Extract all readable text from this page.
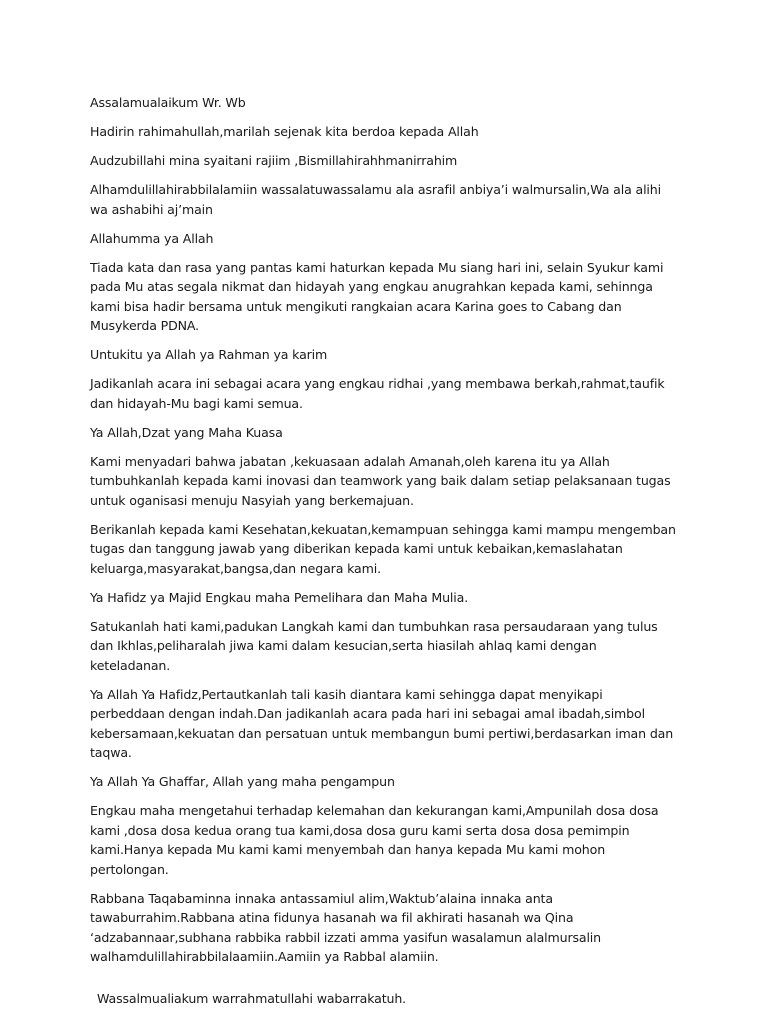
Assalamualaikum Wr. Wb

Hadirin rahimahullah,marilah sejenak kita berdoa kepada Allah

Audzubillahi mina syaitani rajiim ,Bismillahirahhmanirrahim

Alhamdulillahirabbilalamiin wassalatuwassalamu ala asrafil anbiya’i walmursalin,Wa ala alihi wa ashabihi aj’main

Allahumma ya Allah

Tiada kata dan rasa yang pantas kami haturkan kepada Mu siang hari ini, selain Syukur kami pada Mu atas segala nikmat dan hidayah yang engkau anugrahkan kepada kami, sehinnga kami bisa hadir bersama untuk mengikuti rangkaian acara Karina goes to Cabang dan Musykerda PDNA.

Untukitu ya Allah ya Rahman ya karim

Jadikanlah acara ini sebagai acara yang engkau ridhai ,yang membawa berkah,rahmat,taufik dan hidayah-Mu bagi kami semua.

Ya Allah,Dzat yang Maha Kuasa

Kami menyadari bahwa jabatan ,kekuasaan adalah Amanah,oleh karena itu ya Allah tumbuhkanlah kepada kami inovasi dan teamwork yang baik dalam setiap pelaksanaan tugas untuk oganisasi menuju Nasyiah yang berkemajuan.

Berikanlah kepada kami Kesehatan,kekuatan,kemampuan sehingga kami mampu mengemban tugas dan tanggung jawab yang diberikan kepada kami untuk kebaikan,kemaslahatan keluarga,masyarakat,bangsa,dan negara kami.

Ya Hafidz ya Majid Engkau maha Pemelihara dan Maha Mulia.

Satukanlah hati kami,padukan Langkah kami dan tumbuhkan rasa persaudaraan yang tulus dan Ikhlas,peliharalah jiwa kami dalam kesucian,serta hiasilah ahlaq kami dengan keteladanan.

Ya Allah Ya Hafidz,Pertautkanlah tali kasih diantara kami sehingga dapat menyikapi perbeddaan dengan indah.Dan jadikanlah acara pada hari ini sebagai amal ibadah,simbol kebersamaan,kekuatan dan persatuan untuk membangun bumi pertiwi,berdasarkan iman dan taqwa.

Ya Allah Ya Ghaffar, Allah yang maha pengampun

Engkau maha mengetahui terhadap kelemahan dan kekurangan kami,Ampunilah dosa dosa kami ,dosa dosa kedua orang tua kami,dosa dosa guru kami serta dosa dosa pemimpin kami.Hanya kepada Mu kami kami menyembah dan hanya kepada Mu kami mohon pertolongan.

Rabbana Taqabaminna innaka antassamiul alim,Waktub’alaina innaka anta tawaburrahim.Rabbana atina fidunya hasanah wa fil akhirati hasanah wa Qina ‘adzabannaar,subhana rabbika rabbil izzati amma yasifun wasalamun alalmursalin walhamdulillahirabbilalaamiin.Aamiin ya Rabbal alamiin.

Wassalmualiakum warrahmatullahi wabarrakatuh.
